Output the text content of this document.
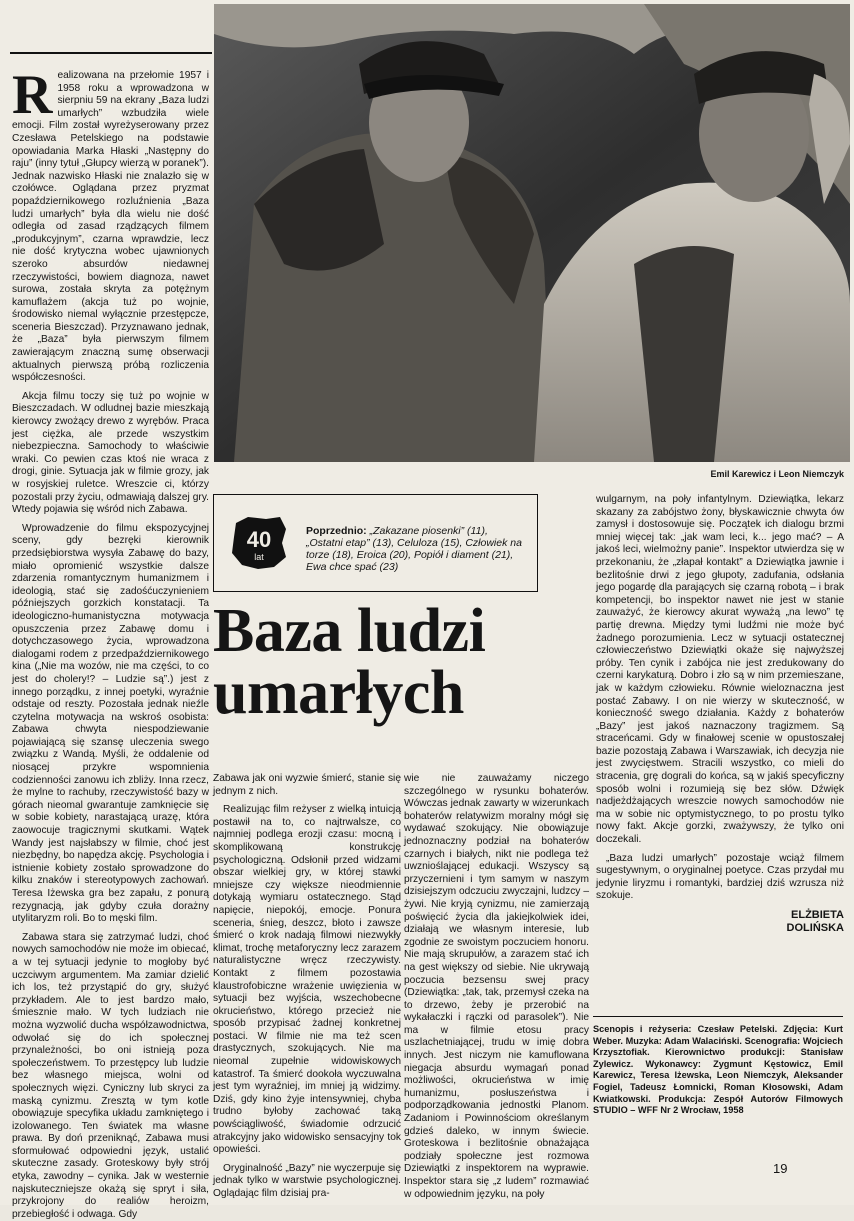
Realizowana na przełomie 1957 i 1958 roku a wprowadzona w sierpniu 59 na ekrany „Baza ludzi umarłych” wzbudziła wiele emocji. Film został wyreżyserowany przez Czesława Petelskiego na podstawie opowiadania Marka Hłaski „Następny do raju” (inny tytuł „Głupcy wierzą w poranek”). Jednak nazwisko Hłaski nie znalazło się w czołówce. Oglądana przez pryzmat popaździernikowego rozluźnienia „Baza ludzi umarłych” była dla wielu nie dość odległa od zasad rządzących filmem „produkcyjnym”, czarna wprawdzie, lecz nie dość krytyczna wobec ujawnionych szeroko absurdów niedawnej rzeczywistości, bowiem diagnoza, nawet surowa, została skryta za potężnym kamuflażem (akcja tuż po wojnie, środowisko niemal wyłącznie przestępcze, sceneria Bieszczad). Przyznawano jednak, że „Baza” była pierwszym filmem zawierającym znaczną sumę obserwacji aktualnych pierwszą próbą rozliczenia współczesności.

Akcja filmu toczy się tuż po wojnie w Bieszczadach. W odludnej bazie mieszkają kierowcy zwożący drewo z wyrębów. Praca jest ciężka, ale przede wszystkim niebezpieczna. Samochody to właściwie wraki. Co pewien czas ktoś nie wraca z drogi, ginie. Sytuacja jak w filmie grozy, jak w rosyjskiej ruletce. Wreszcie ci, którzy pozostali przy życiu, odmawiają dalszej gry. Wtedy pojawia się wśród nich Zabawa.

Wprowadzenie do filmu ekspozycyjnej sceny, gdy bezręki kierownik przedsiębiorstwa wysyła Zabawę do bazy, miało opromienić wszystkie dalsze zdarzenia romantycznym humanizmem i ideologią, stać się zadośćuczynieniem późniejszych gorzkich konstatacji. Ta ideologiczno-humanistyczna motywacja opuszczenia przez Zabawę domu i dotychczasowego życia, wprowadzona dialogami rodem z przedpaździernikowego kina („Nie ma wozów, nie ma części, to co jest do cholery!? – Ludzie są”.) jest z innego porządku, z innej poetyki, wyraźnie odstaje od reszty. Pozostała jednak nieźle czytelna motywacja na wskroś osobista: Zabawa chwyta niespodziewanie pojawiającą się szansę uleczenia swego związku z Wandą. Myśli, że oddalenie od niosącej przykre wspomnienia codzienności zanowu ich zbliży. Inna rzecz, że mylne to rachuby, rzeczywistość bazy w górach nieomal gwarantuje zamknięcie się w sobie kobiety, narastającą urazę, która zaowocuje tragicznymi skutkami. Wątek Wandy jest najsłabszy w filmie, choć jest niezbędny, bo napędza akcję. Psychologia i istnienie kobiety zostało sprowadzone do kilku znaków i stereotypowych zachowań. Teresa Iżewska gra bez zapału, z ponurą rezygnacją, jak gdyby czuła dorażny utylitaryzm roli. Bo to męski film.

Zabawa stara się zatrzymać ludzi, choć nowych samochodów nie może im obiecać, a w tej sytuacji jedynie to mogłoby być uczciwym argumentem. Ma zamiar dzielić ich los, też przystąpić do gry, służyć przykładem. Ale to jest bardzo mało, śmiesznie mało. W tych ludziach nie można wyzwolić ducha współzawodnictwa, odwołać się do ich społecznej przynależności, bo oni istnieją poza społeczeństwem. To przestępcy lub ludzie bez własnego miejsca, wolni od społecznych więzi. Cyniczny lub skryci za maską cynizmu. Zresztą w tym kotle obowiązuje specyfika układu zamkniętego i izolowanego. Ten światek ma własne prawa. By doń przeniknąć, Zabawa musi sformułować odpowiedni język, ustalić skuteczne zasady. Groteskowy były strój etyka, zawodny – cynika. Jak w westernie najskuteczniejsze okażą się spryt i siła, przykrojony do realiów heroizm, przebiegłość i odwaga. Gdy

Emil Karewicz i Leon Niemczyk
40
lat
Poprzednio: „Zakazane piosenki” (11), „Ostatni etap” (13), Celuloza (15), Człowiek na torze (18), Eroica (20), Popiół i diament (21), Ewa chce spać (23)
Baza ludzi
umarłych

Zabawa jak oni wyzwie śmierć, stanie się jednym z nich.

Realizując film reżyser z wielką intuicją postawił na to, co najtrwalsze, co najmniej podlega erozji czasu: mocną i skomplikowaną konstrukcję psychologiczną. Odsłonił przed widzami obszar wielkiej gry, w której stawki mniejsze czy większe nieodmiennie dotykają wymiaru ostatecznego. Stąd napięcie, niepokój, emocje. Ponura sceneria, śnieg, deszcz, błoto i zawsze śmierć o krok nadają filmowi niezwykły klimat, trochę metaforyczny lecz zarazem naturalistyczne wręcz rzeczywisty. Kontakt z filmem pozostawia klaustrofobiczne wrażenie uwięzienia w sytuacji bez wyjścia, wszechobecne okrucieństwo, którego przecież nie sposób przypisać żadnej konkretnej postaci. W filmie nie ma też scen drastycznych, szokujących. Nie ma nieomal zupełnie widowiskowych katastrof. Ta śmierć dookoła wyczuwalna jest tym wyraźniej, im mniej ją widzimy. Dziś, gdy kino żyje intensywniej, chyba trudno byłoby zachować taką powściągliwość, świadomie odrzucić atrakcyjny jako widowisko sensacyjny tok opowieści.

Oryginalność „Bazy” nie wyczerpuje się jednak tylko w warstwie psychologicznej. Oglądając film dzisiaj pra-

wie nie zauważamy niczego szczególnego w rysunku bohaterów. Wówczas jednak zawarty w wizerunkach bohaterów relatywizm moralny mógł się wydawać szokujący. Nie obowiązuje jednoznaczny podział na bohaterów czarnych i białych, nikt nie podlega też uwznioślającej edukacji. Wszyscy są przyczernieni i tym samym w naszym dzisiejszym odczuciu zwyczajni, ludzcy – żywi. Nie kryją cynizmu, nie zamierzają poświęcić życia dla jakiejkolwiek idei, działają we własnym interesie, lub zgodnie ze swoistym poczuciem honoru. Nie mają skrupułów, a zarazem stać ich na gest większy od siebie. Nie ukrywają poczucia bezsensu swej pracy (Dziewiątka: „tak, tak, przemysł czeka na to drzewo, żeby je przerobić na wykałaczki i rączki od parasolek”). Nie ma w filmie etosu pracy uszlachetniającej, trudu w imię dobra innych. Jest niczym nie kamuflowana niegacja absurdu wymagań ponad możliwości, okrucieństwa w imię humanizmu, posłuszeństwa i podporządkowania jednostki Planom. Zadaniom i Powinnościom określanym gdzieś daleko, w innym świecie. Groteskowa i bezlitośnie obnażająca podziały społeczne jest rozmowa Dziewiątki z inspektorem na wyprawie. Inspektor stara się „z ludem” rozmawiać w odpowiednim języku, na poły

wulgarnym, na poły infantylnym. Dziewiątka, lekarz skazany za zabójstwo żony, błyskawicznie chwyta ów zamysł i dostosowuje się. Początek ich dialogu brzmi mniej więcej tak: „jak wam leci, k... jego mać? – A jakoś leci, wielmożny panie”. Inspektor utwierdza się w przekonaniu, że „złapał kontakt” a Dziewiątka jawnie i bezlitośnie drwi z jego głupoty, zadufania, odsłania jego pogardę dla parających się czarną robotą – i brak kompetencji, bo inspektor nawet nie jest w stanie zauważyć, że kierowcy akurat wyważą „na lewo” tę partię drewna. Między tymi ludźmi nie może być żadnego porozumienia. Lecz w sytuacji ostatecznej człowieczeństwo Dziewiątki okaże się najwyższej próby. Ten cynik i zabójca nie jest zredukowany do czerni karykaturą. Dobro i zło są w nim przemieszane, jak w każdym człowieku. Równie wieloznaczna jest postać Zabawy. I on nie wierzy w skuteczność, w konieczność swego działania. Każdy z bohaterów „Bazy” jest jakoś naznaczony tragizmem. Są straceńcami. Gdy w finałowej scenie w opustoszałej bazie pozostają Zabawa i Warszawiak, ich decyzja nie jest zwycięstwem. Stracili wszystko, co mieli do stracenia, grę dograli do końca, są w jakiś specyficzny sposób wolni i rozumieją się bez słów. Dźwięk nadjeżdżających wreszcie nowych samochodów nie ma w sobie nic optymistycznego, to po prostu tylko nowy fakt. Akcje gorzki, zważywszy, że tylko oni doczekali.

„Baza ludzi umarłych” pozostaje wciąż filmem sugestywnym, o oryginalnej poetyce. Czas przydał mu jedynie liryzmu i romantyki, bardziej dziś wzrusza niż szokuje.

ELŻBIETA
DOLIŃSKA
Scenopis i reżyseria: Czesław Petelski. Zdjęcia: Kurt Weber. Muzyka: Adam Walaciński. Scenografia: Wojciech Krzysztofiak. Kierownictwo produkcji: Stanisław Zylewicz. Wykonawcy: Zygmunt Kęstowicz, Emil Karewicz, Teresa Iżewska, Leon Niemczyk, Aleksander Fogiel, Tadeusz Łomnicki, Roman Kłosowski, Adam Kwiatkowski. Produkcja: Zespół Autorów Filmowych STUDIO – WFF Nr 2 Wrocław, 1958
19
